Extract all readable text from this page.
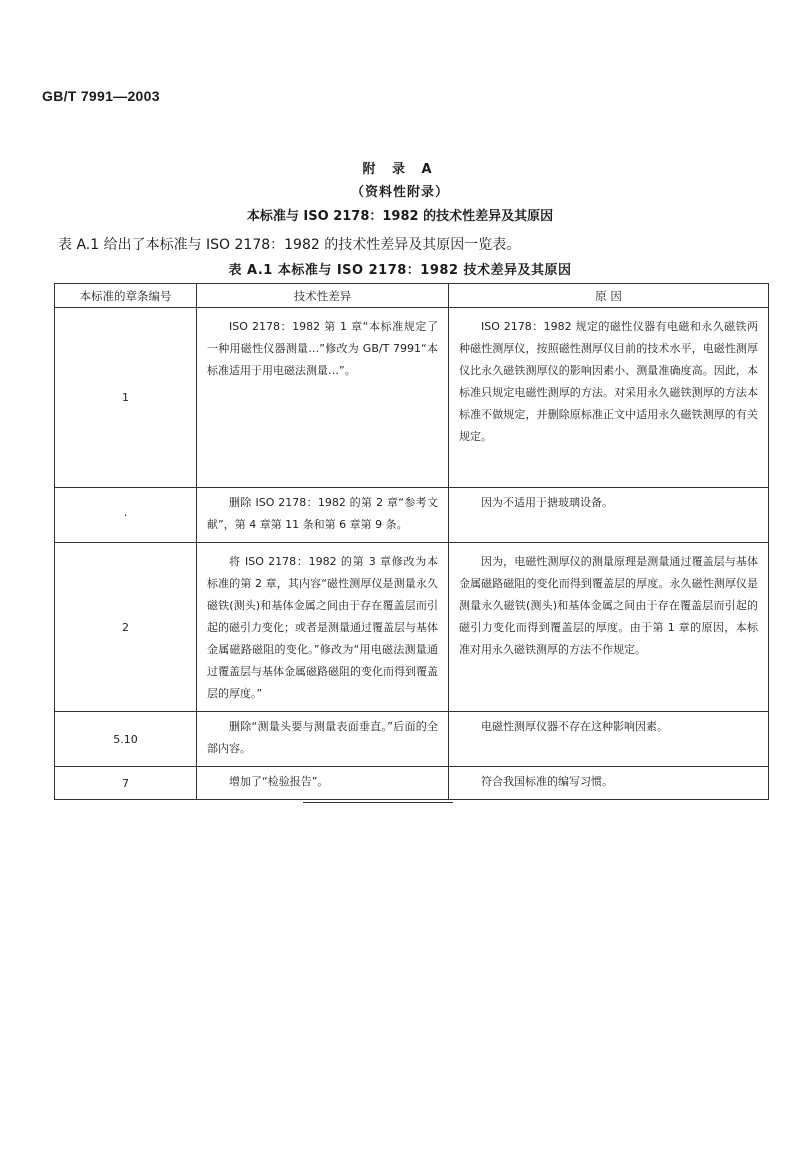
GB/T 7991—2003
附 录 A
（资料性附录）
本标准与 ISO 2178：1982 的技术性差异及其原因
表 A.1 给出了本标准与 ISO 2178：1982 的技术性差异及其原因一览表。
表 A.1 本标准与 ISO 2178：1982 技术差异及其原因
本标准的章条编号	技术性差异	原 因
1	ISO 2178：1982 第 1 章“本标准规定了一种用磁性仪器测量…”修改为 GB/T 7991“本标准适用于用电磁法测量…”。	ISO 2178：1982 规定的磁性仪器有电磁和永久磁铁两种磁性测厚仪，按照磁性测厚仪目前的技术水平，电磁性测厚仪比永久磁铁测厚仪的影响因素小、测量准确度高。因此，本标准只规定电磁性测厚的方法。对采用永久磁铁测厚的方法本标准不做规定，并删除原标准正文中适用永久磁铁测厚的有关规定。

·	删除 ISO 2178：1982 的第 2 章“参考文献”，第 4 章第 11 条和第 6 章第 9 条。	因为不适用于搪玻璃设备。

2	将 ISO 2178：1982 的第 3 章修改为本标准的第 2 章，其内容“磁性测厚仪是测量永久磁铁(测头)和基体金属之间由于存在覆盖层而引起的磁引力变化；或者是测量通过覆盖层与基体金属磁路磁阻的变化。”修改为“用电磁法测量通过覆盖层与基体金属磁路磁阻的变化而得到覆盖层的厚度。”	因为，电磁性测厚仪的测量原理是测量通过覆盖层与基体金属磁路磁阻的变化而得到覆盖层的厚度。永久磁性测厚仪是测量永久磁铁(测头)和基体金属之间由于存在覆盖层而引起的磁引力变化而得到覆盖层的厚度。由于第 1 章的原因，本标准对用永久磁铁测厚的方法不作规定。

5.10	删除“测量头要与测量表面垂直。”后面的全部内容。	电磁性测厚仪器不存在这种影响因素。

7	增加了“检验报告”。	符合我国标准的编写习惯。
